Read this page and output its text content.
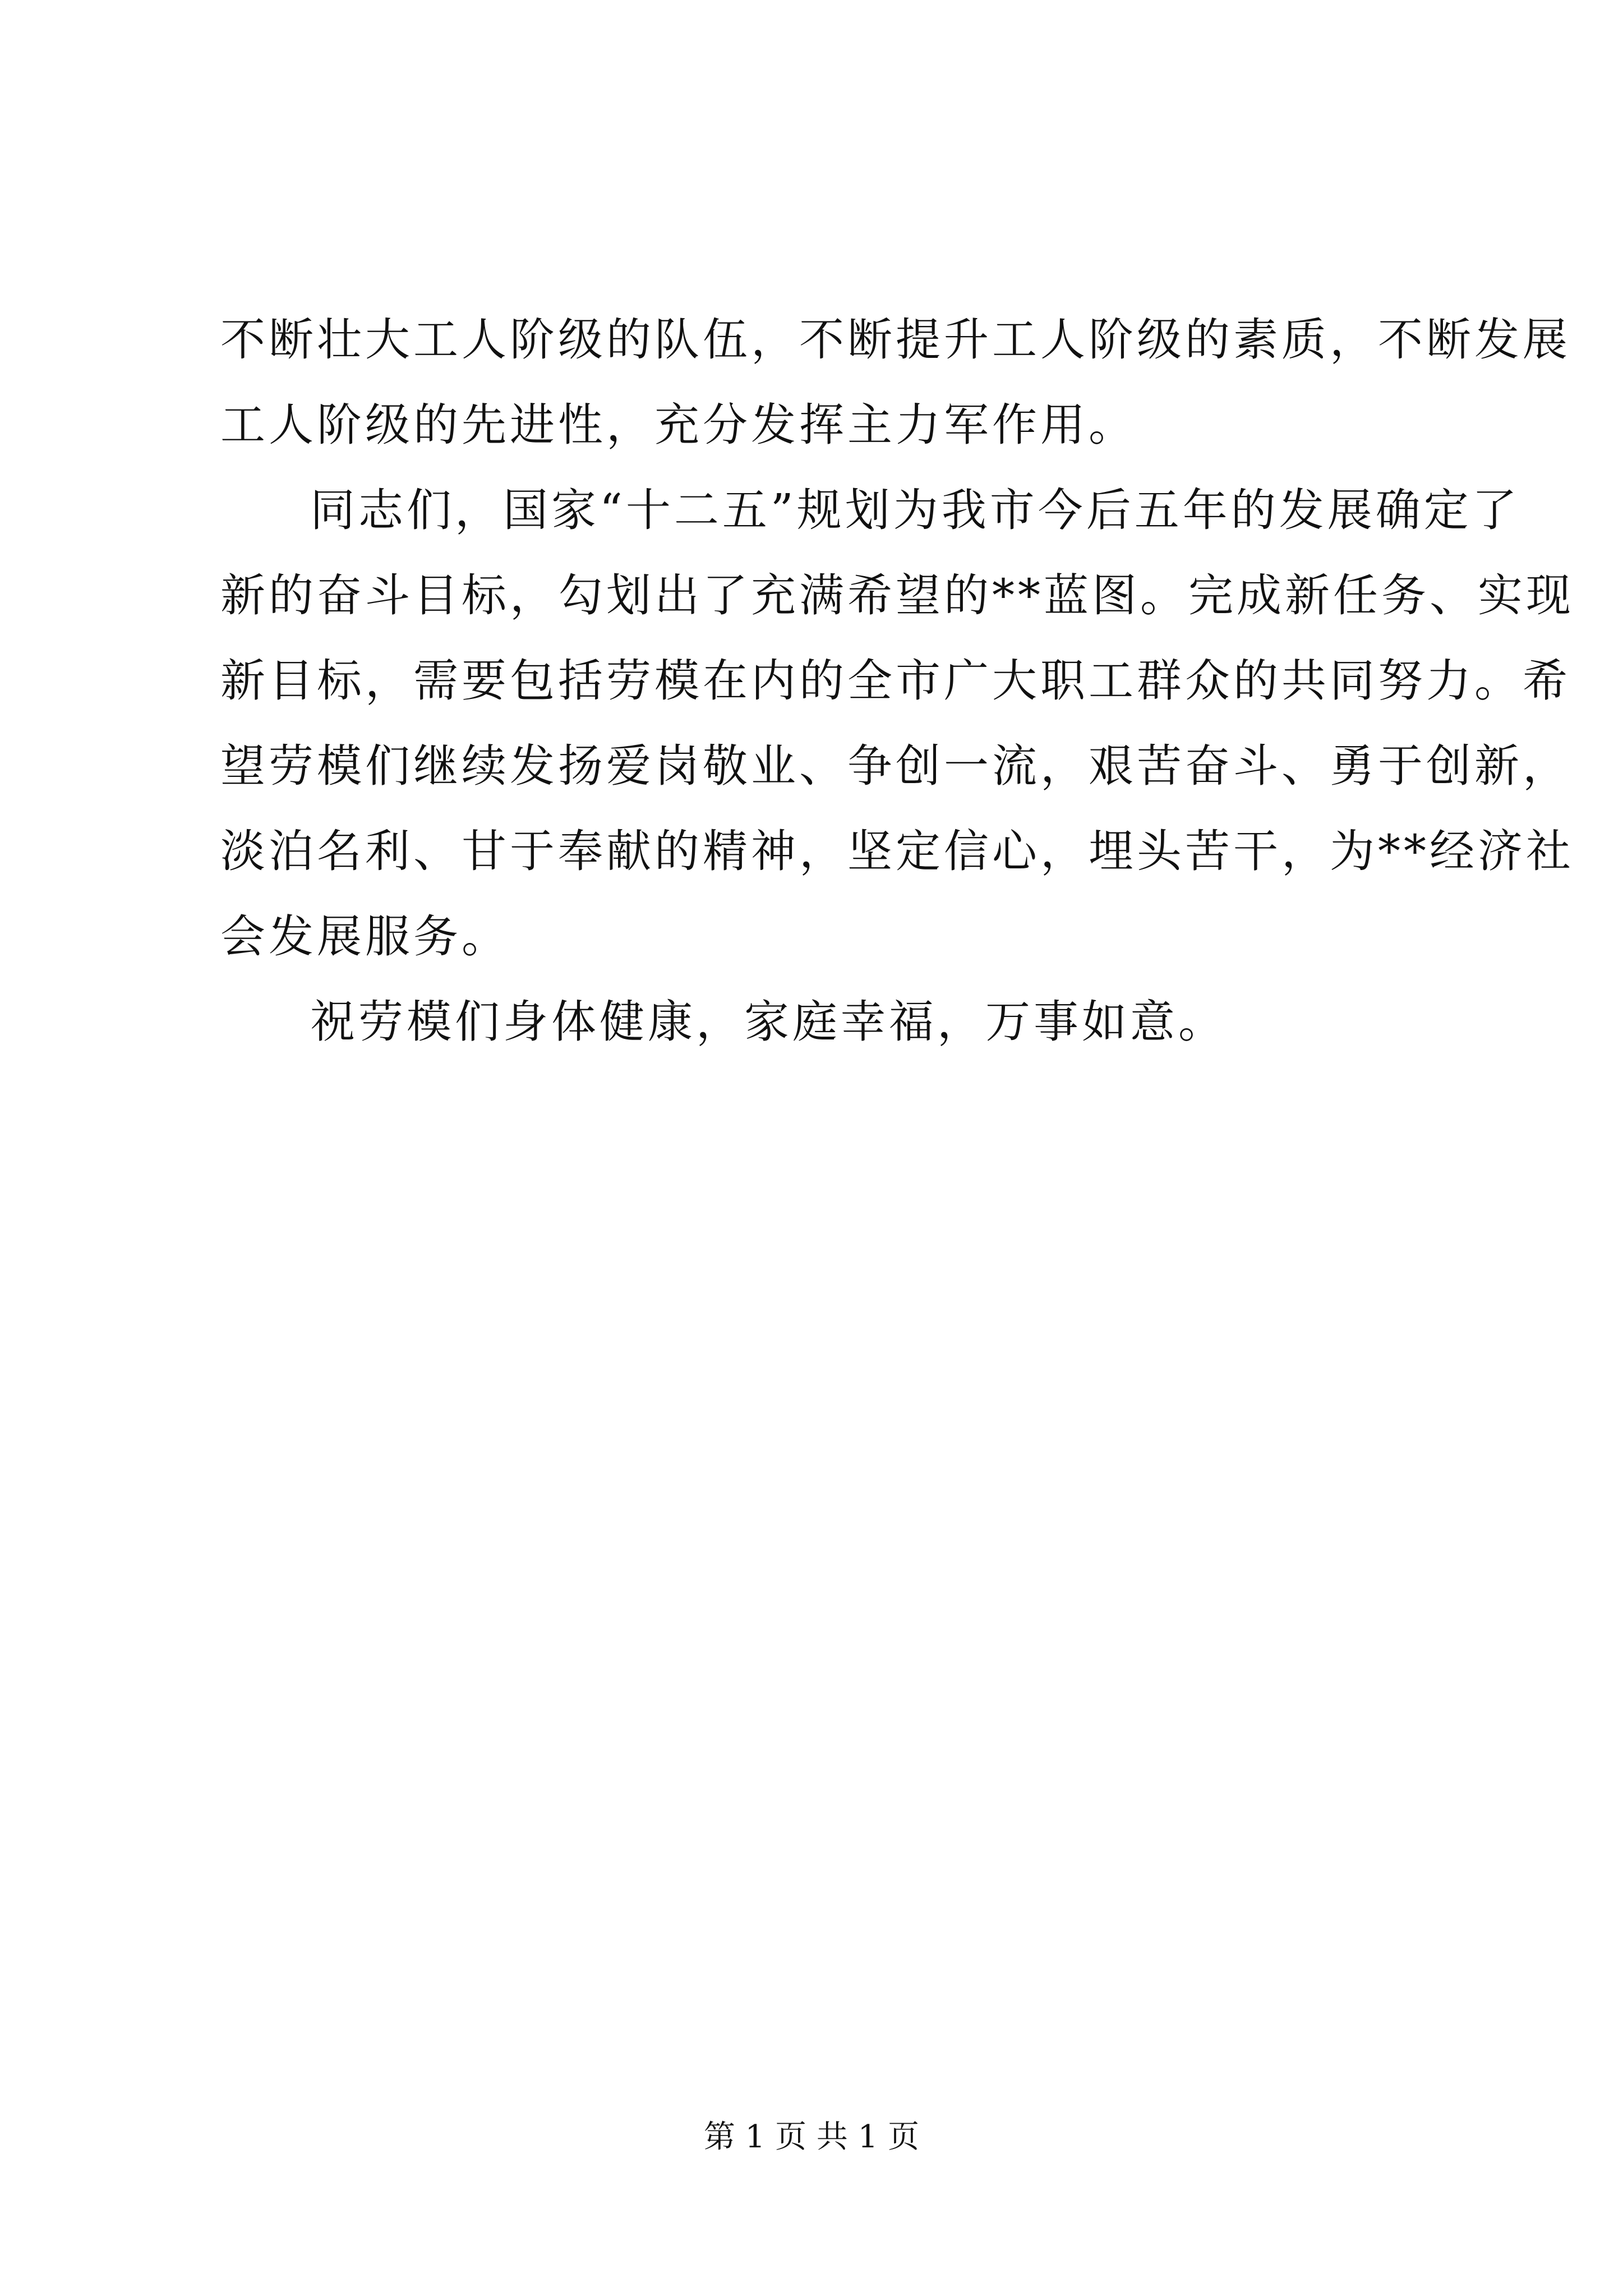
不断壮大工人阶级的队伍，不断提升工人阶级的素质，不断发展
工人阶级的先进性，充分发挥主力军作用。
同志们，国家“十二五”规划为我市今后五年的发展确定了
新的奋斗目标，勾划出了充满希望的**蓝图。完成新任务、实现
新目标，需要包括劳模在内的全市广大职工群众的共同努力。希
望劳模们继续发扬爱岗敬业、争创一流，艰苦奋斗、勇于创新，
淡泊名利、甘于奉献的精神，坚定信心，埋头苦干，为**经济社
会发展服务。
祝劳模们身体健康，家庭幸福，万事如意。
第 1 页 共 1 页
